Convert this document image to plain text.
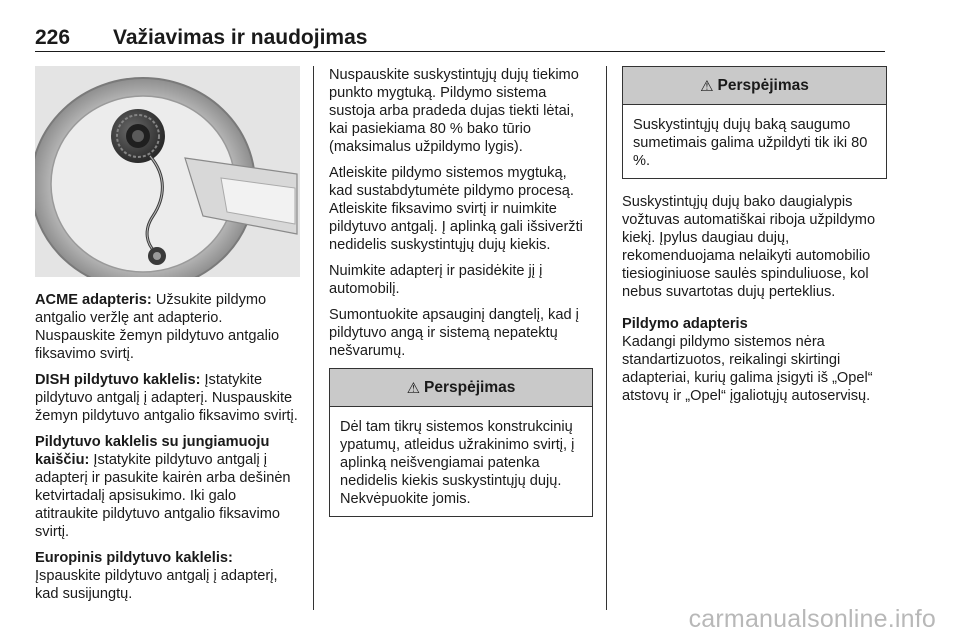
226 Važiavimas ir naudojimas

ACME adapteris: Užsukite pildymo antgalio veržlę ant adapterio. Nuspauskite žemyn pildytuvo antgalio fiksavimo svirtį.

DISH pildytuvo kaklelis: Įstatykite pildytuvo antgalį į adapterį. Nuspauskite žemyn pildytuvo antgalio fiksavimo svirtį.

Pildytuvo kaklelis su jungiamuoju kaiščiu: Įstatykite pildytuvo antgalį į adapterį ir pasukite kairėn arba dešinėn ketvirtadalį apsisukimo. Iki galo atitraukite pildytuvo antgalio fiksavimo svirtį.

Europinis pildytuvo kaklelis:
Įspauskite pildytuvo antgalį į adapterį, kad susijungtų.

Nuspauskite suskystintųjų dujų tiekimo punkto mygtuką. Pildymo sistema sustoja arba pradeda dujas tiekti lėtai, kai pasiekiama 80 % bako tūrio (maksimalus užpildymo lygis).

Atleiskite pildymo sistemos mygtuką, kad sustabdytumėte pildymo procesą. Atleiskite fiksavimo svirtį ir nuimkite pildytuvo antgalį. Į aplinką gali išsiveržti nedidelis suskystintųjų dujų kiekis.

Nuimkite adapterį ir pasidėkite jį į automobilį.

Sumontuokite apsauginį dangtelį, kad į pildytuvo angą ir sistemą nepatektų nešvarumų.

⚠ Perspėjimas

Dėl tam tikrų sistemos konstrukcinių ypatumų, atleidus užrakinimo svirtį, į aplinką neišvengiamai patenka nedidelis kiekis suskystintųjų dujų. Nekvėpuokite jomis.

⚠ Perspėjimas

Suskystintųjų dujų baką saugumo sumetimais galima užpildyti tik iki 80 %.

Suskystintųjų dujų bako daugialypis vožtuvas automatiškai riboja užpildymo kiekį. Įpylus daugiau dujų, rekomenduojama nelaikyti automobilio tiesioginiuose saulės spinduliuose, kol nebus suvartotas dujų perteklius.

Pildymo adapteris
Kadangi pildymo sistemos nėra standartizuotos, reikalingi skirtingi adapteriai, kurių galima įsigyti iš „Opel“ atstovų ir „Opel“ įgaliotųjų autoservisų.

carmanualsonline.info
